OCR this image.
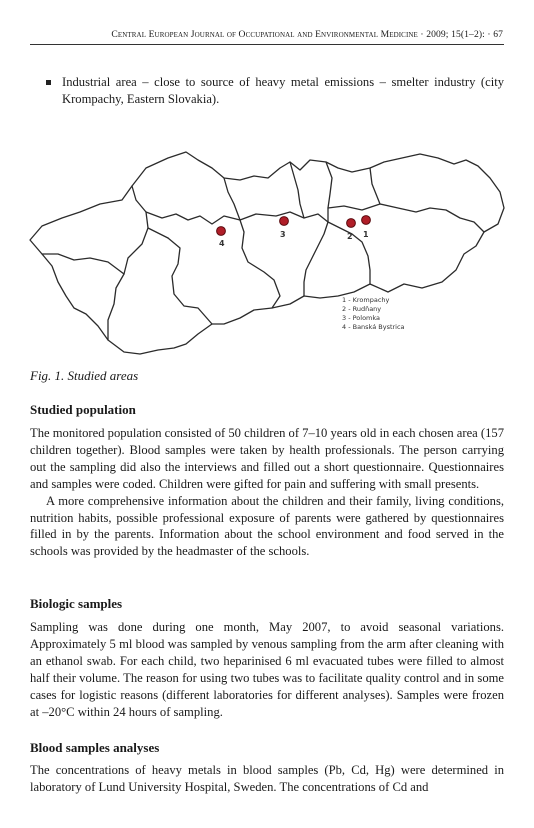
Central European Journal of Occupational and Environmental Medicine · 2009; 15(1–2): · 67
Industrial area – close to source of heavy metal emissions – smelter industry (city Krompachy, Eastern Slovakia).
1
2
3
4
1 - Krompachy
2 - Rudňany
3 - Polomka
4 - Banská Bystrica
Fig. 1. Studied areas
Studied population

The monitored population consisted of 50 children of 7–10 years old in each chosen area (157 children together). Blood samples were taken by health professionals. The person carrying out the sampling did also the interviews and filled out a short questionnaire. Questionnaires and samples were coded. Children were gifted for pain and suffering with small presents.

A more comprehensive information about the children and their family, living conditions, nutrition habits, possible professional exposure of parents were gathered by questionnaires filled in by the parents. Information about the school environment and food served in the schools was provided by the headmaster of the schools.

Biologic samples

Sampling was done during one month, May 2007, to avoid seasonal variations. Approximately 5 ml blood was sampled by venous sampling from the arm after cleaning with an ethanol swab. For each child, two heparinised 6 ml evacuated tubes were filled to almost half their volume. The reason for using two tubes was to facilitate quality control and in some cases for logistic reasons (different laboratories for different analyses). Samples were frozen at –20°C within 24 hours of sampling.

Blood samples analyses

The concentrations of heavy metals in blood samples (Pb, Cd, Hg) were determined in laboratory of Lund University Hospital, Sweden. The concentrations of Cd and
